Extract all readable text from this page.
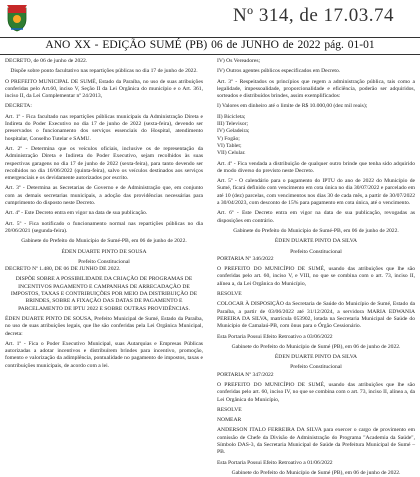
Nº 314, de 17.03.74
ANO XX - EDIÇÃO SUMÉ (PB) 06 de JUNHO de 2022 pág. 01-01

DECRETO, de 06 de junho de 2022.

Dispõe sobre ponto facultativo nas repartições públicas no dia 17 de junho de 2022.

O PREFEITO MUNICIPAL DE SUMÉ, Estado da Paraíba, no uso de suas atribuições conferidas pelo Art.60, inciso V, Seção II da Lei Orgânica do município e o Art. 361, inciso II, da Lei Complementar nº 24/2013,

DECRETA:

Art. 1º - Fica facultado nas repartições públicas municipais da Administração Direta e Indireta do Poder Executivo no dia 17 de junho de 2022 (sexta-feira), devendo ser preservados o funcionamento dos serviços essenciais do Hospital, atendimento hospitalar, Conselho Tutelar e SAMU.

Art. 2º - Determina que os veículos oficiais, inclusive os de representação da Administração Direta e Indireta do Poder Executivo, sejam recolhidos às suas respectivas garagens no dia 17 de junho de 2022 (sexta-feira), para tanto devendo ser recolhidos no dia 16/06/2022 (quinta-feira), salvo os veículos destinados aos serviços emergenciais e os devidamente autorizados por escrito.

Art. 3º - Determina as Secretarias de Governo e de Administração que, em conjunto com as demais secretarias municipais, a adoção das providências necessárias para cumprimento do disposto neste Decreto.

Art. 4º - Este Decreto entra em vigor na data de sua publicação.

Art. 5º - Fica notificado o funcionamento normal nas repartições públicas no dia 20/06/2021 (segunda-feira).

Gabinete do Prefeito do Município de Sumé-PB, em 06 de junho de 2022.

ÉDEN DUARTE PINTO DE SOUSA

Prefeito Constitucional

DECRETO Nº 1.480, DE 06 DE JUNHO DE 2022.

DISPÕE SOBRE A POSSIBILIDADE DA CRIAÇÃO DE PROGRAMAS DE INCENTIVOS PAGAMENTO E CAMPANHAS DE ARRECADAÇÃO DE IMPOSTOS, TAXAS E CONTRIBUIÇÕES POR MEIO DA DISTRIBUIÇÃO DE BRINDES, SOBRE A FIXAÇÃO DAS DATAS DE PAGAMENTO E PARCELAMENTO DE IPTU 2022 E SOBRE OUTRAS PROVIDÊNCIAS.

ÉDEN DUARTE PINTO DE SOUSA, Prefeito Municipal de Sumé, Estado da Paraíba, no uso de suas atribuições legais, que lhe são conferidas pela Lei Orgânica Municipal, decreta:

Art. 1º - Fica o Poder Executivo Municipal, suas Autarquias e Empresas Públicas autorizadas a adotar incentivos e distribuírem brindes para incentivo, promoção, fomento e valorização da adimplência, pontualidade no pagamento de impostos, taxas e contribuições municipais, de acordo com a lei.

IV) Os Vereadores;

IV) Outros agentes públicos especificados em Decreto.

Art. 3º - Respeitados os princípios que regem a administração pública, tais como a legalidade, impessoalidade, proporcionalidade e eficiência, poderão ser adquiridos, sorteados e distribuídos brindes, assim exemplificados:

I) Valores em dinheiro até o limite de R$ 10.000,00 (dez mil reais);

II) Bicicleta;

III) Televisor;

IV) Geladeira;

V) Fogão;

VI) Tablet;

VII) Celular.

Art. 4º - Fica vendada a distribuição de qualquer outro brinde que tenha sido adquirido de modo diverso do previsto neste Decreto.

Art. 5º - O calendário para o pagamento do IPTU do ano de 2022 do Município de Sumé, ficará definido com vencimento em cota única no dia 30/07/2022 e parcelado em até 10 (dez) parcelas, com vencimentos nos dias 30 de cada mês, a partir de 30/07/2022 a 30/04/2023, com desconto de 15% para pagamento em cota única, até o vencimento.

Art. 6º - Este Decreto entra em vigor na data de sua publicação, revogadas as disposições em contrário.

Gabinete do Prefeito do Município de Sumé-PB, em 06 de junho de 2022.

ÉDEN DUARTE PINTO DA SILVA

Prefeito Constitucional

PORTARIA Nº 346/2022

O PREFEITO DO MUNICÍPIO DE SUMÉ, usando das atribuições que lhe são conferidas pelo art. 60, inciso V, e VIII, no que se combina com o art. 73, inciso II, alínea a, da Lei Orgânica do Município,

RESOLVE

COLOCAR À DISPOSIÇÃO da Secretaria de Saúde do Município de Sumé, Estado da Paraíba, a partir de 03/06/2022 até 31/12/2024, a servidora MARIA EDWANIA PEREIRA DA SILVA, matrícula 053902, lotada na Secretaria Municipal de Saúde do Município de Camalaú-PB, com ônus para o Órgão Cessionário.

Esta Portaria Possui Efeito Retroativo a 03/06/2022

Gabinete do Prefeito do Município de Sumé (PB), em 06 de junho de 2022.

ÉDEN DUARTE PINTO DA SILVA

Prefeito Constitucional

PORTARIA Nº 347/2022

O PREFEITO DO MUNICÍPIO DE SUMÉ, usando das atribuições que lhe são conferidas pelo art. 60, inciso IV, no que se combina com o art. 73, inciso II, alínea a, da Lei Orgânica do Município,

RESOLVE

NOMEAR

ANDERSON ITALO FERREIRA DA SILVA para exercer o cargo de provimento em comissão de Chefe da Divisão de Administração do Programa "Academia da Saúde", Símbolo DAS-3, da Secretaria Municipal de Saúde da Prefeitura Municipal de Sumé – PB.

Esta Portaria Possui Efeito Retroativo a 01/06/2022

Gabinete do Prefeito do Município de Sumé (PB), em 06 de junho de 2022.
